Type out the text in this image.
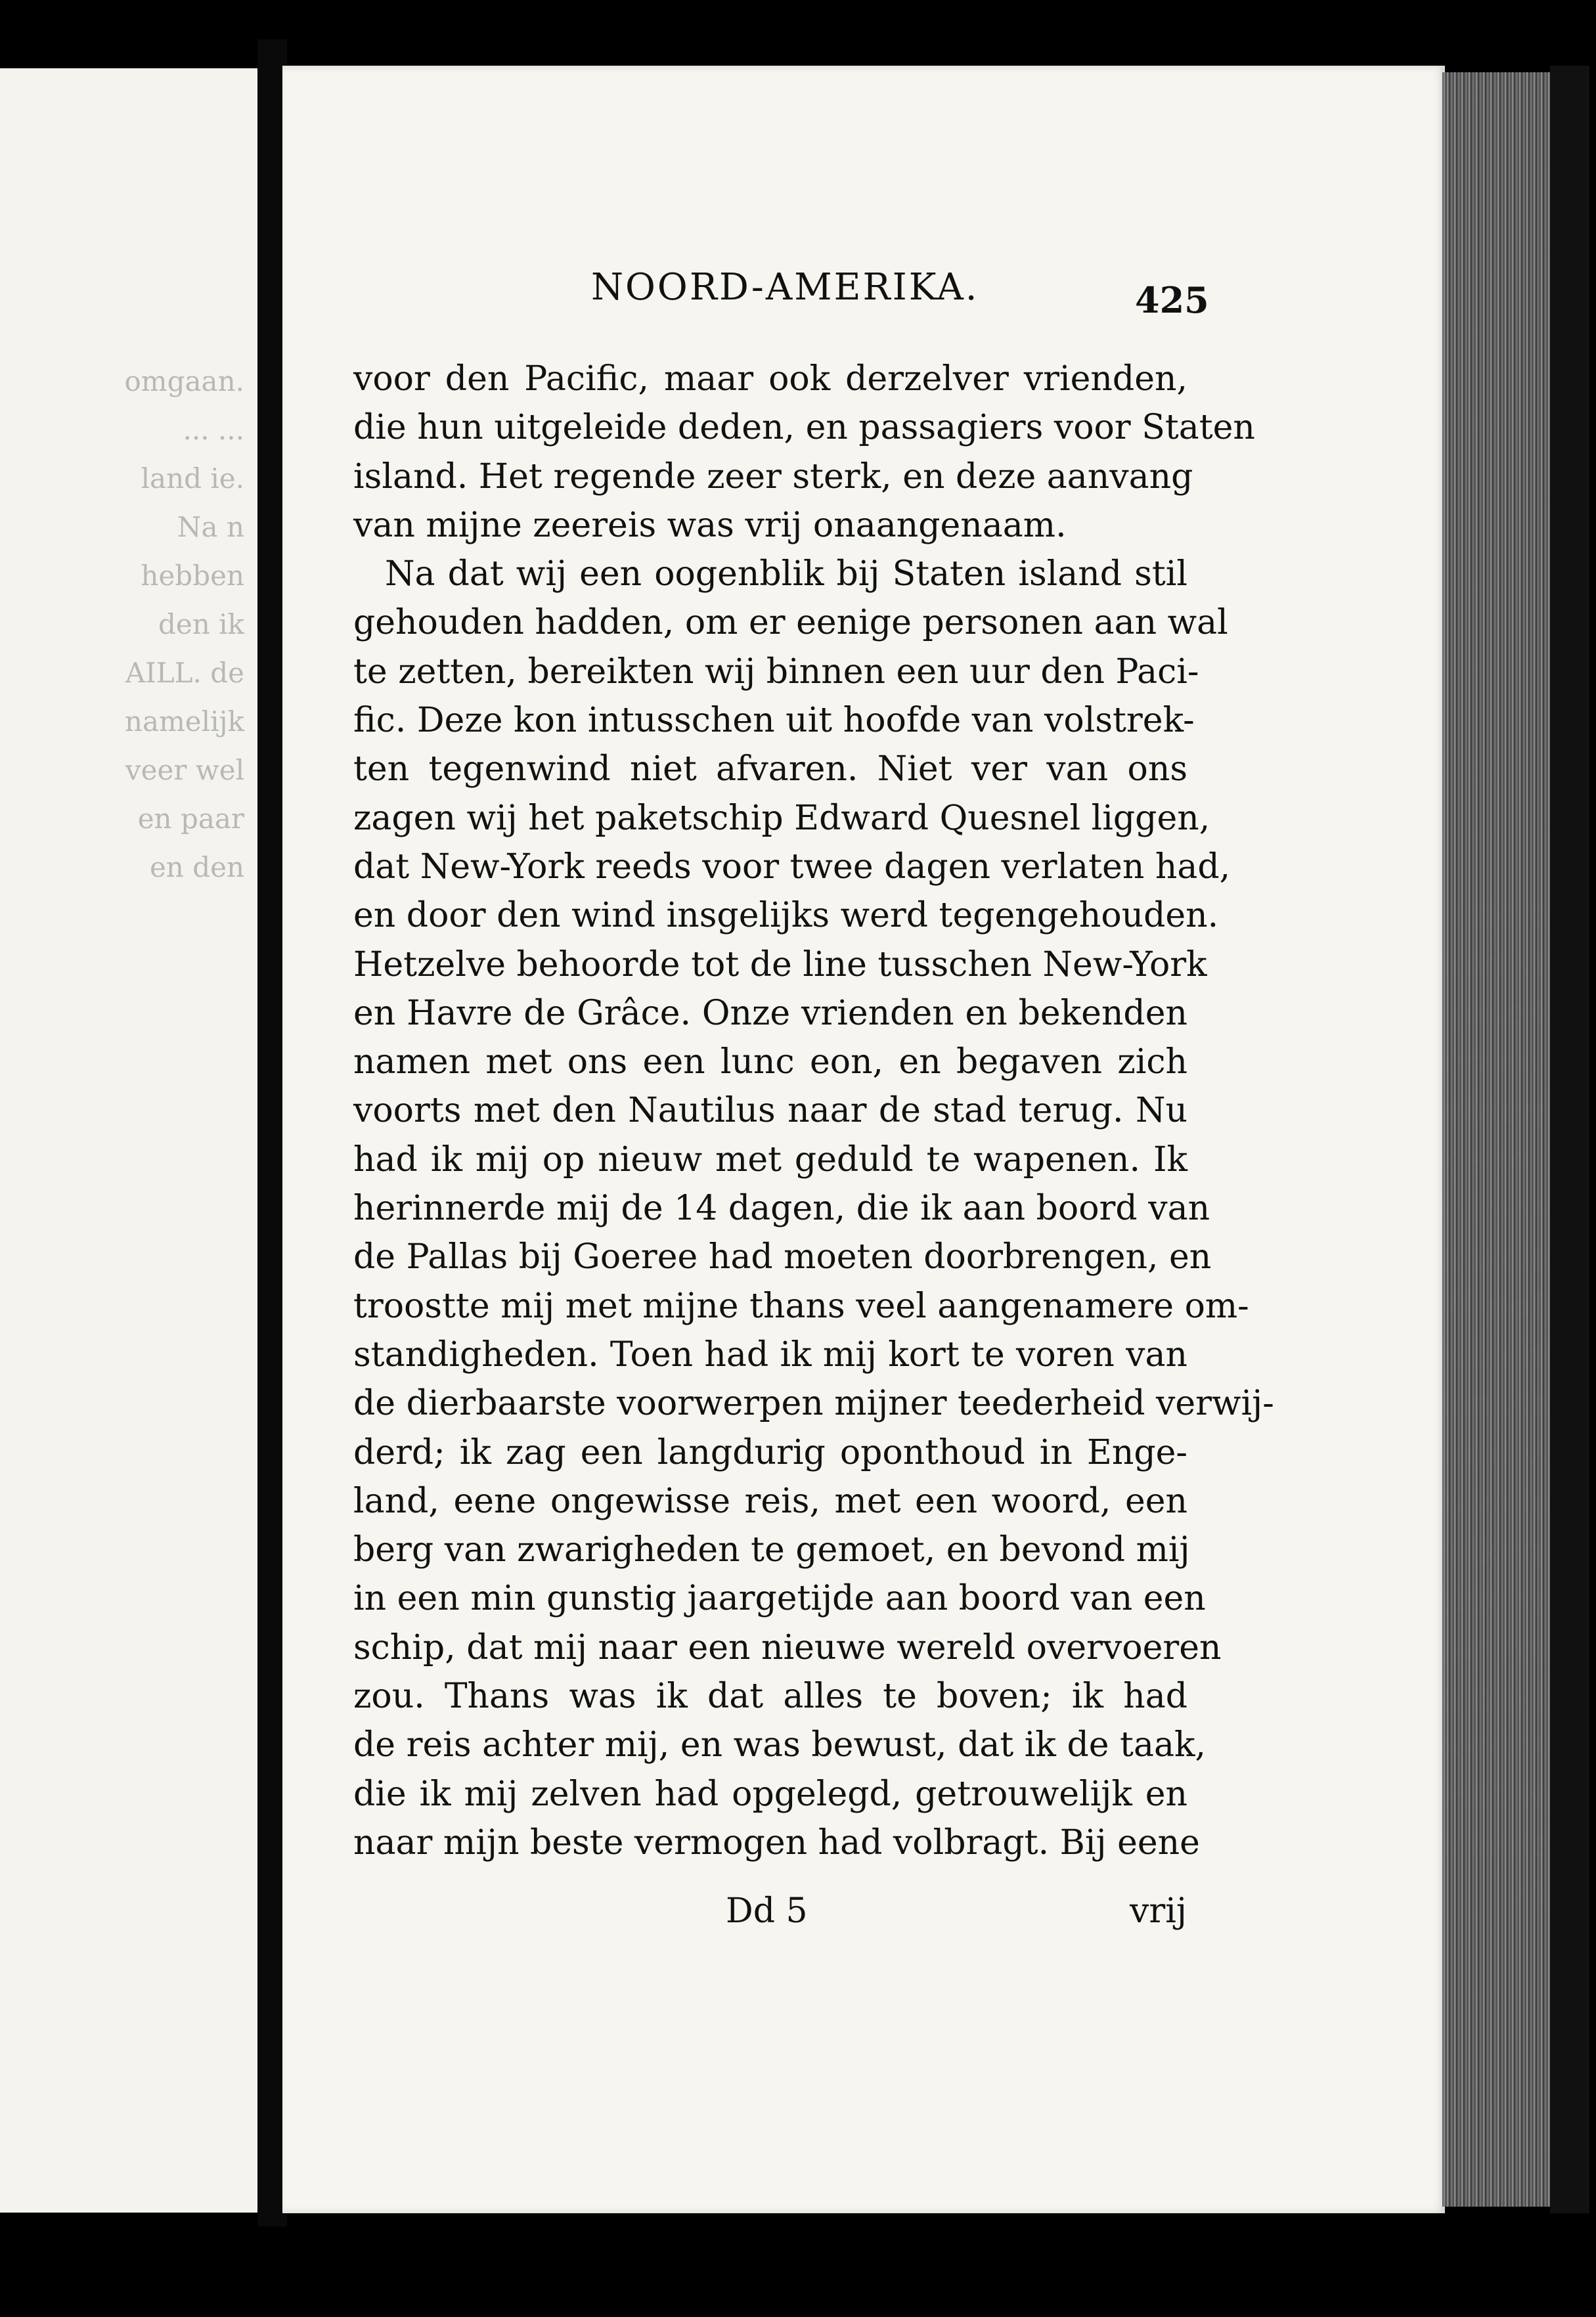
omgaan.
... ...
land ie.
Na n
hebben
den ik
AILL. de
namelijk
veer wel
en paar
en den
NOORD-AMERIKA.	425
voor den Pacific, maar ook derzelver vrienden,
die hun uitgeleide deden, en passagiers voor Staten
island. Het regende zeer sterk, en deze aanvang
van mijne zeereis was vrij onaangenaam.
Na dat wij een oogenblik bij Staten island stil
gehouden hadden, om er eenige personen aan wal
te zetten, bereikten wij binnen een uur den Paci-
fic. Deze kon intusschen uit hoofde van volstrek-
ten tegenwind niet afvaren. Niet ver van ons
zagen wij het paketschip Edward Quesnel liggen,
dat New-York reeds voor twee dagen verlaten had,
en door den wind insgelijks werd tegengehouden.
Hetzelve behoorde tot de line tusschen New-York
en Havre de Grâce. Onze vrienden en bekenden
namen met ons een lunc eon, en begaven zich
voorts met den Nautilus naar de stad terug. Nu
had ik mij op nieuw met geduld te wapenen. Ik
herinnerde mij de 14 dagen, die ik aan boord van
de Pallas bij Goeree had moeten doorbrengen, en
troostte mij met mijne thans veel aangenamere om-
standigheden. Toen had ik mij kort te voren van
de dierbaarste voorwerpen mijner teederheid verwij-
derd; ik zag een langdurig oponthoud in Enge-
land, eene ongewisse reis, met een woord, een
berg van zwarigheden te gemoet, en bevond mij
in een min gunstig jaargetijde aan boord van een
schip, dat mij naar een nieuwe wereld overvoeren
zou. Thans was ik dat alles te boven; ik had
de reis achter mij, en was bewust, dat ik de taak,
die ik mij zelven had opgelegd, getrouwelijk en
naar mijn beste vermogen had volbragt. Bij eene
Dd 5	vrij
